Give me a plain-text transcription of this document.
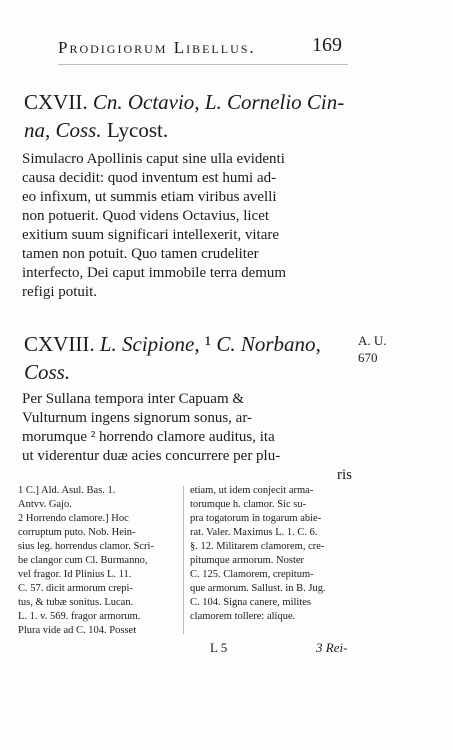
Prodigiorum Libellus.	169
CXVII. Cn. Octavio, L. Cornelio Cin-
na, Coss. Lycost.
Simulacro Apollinis caput sine ulla evidenti
causa decidit: quod inventum est humi ad-
eo infixum, ut summis etiam viribus avelli
non potuerit. Quod videns Octavius, licet
exitium suum significari intellexerit, vitare
tamen non potuit. Quo tamen crudeliter
interfecto, Dei caput immobile terra demum
refigi potuit.
CXVIII. L. Scipione, ¹ C. Norbano,
Coss.
A. U.
670
Per Sullana tempora inter Capuam &
Vulturnum ingens signorum sonus, ar-
morumque ² horrendo clamore auditus, ita
ut viderentur duæ acies concurrere per plu-
ris
1 C.] Ald. Asul. Bas. 1.
Antvv. Gajo.
2 Horrendo clamore.] Hoc
corruptum puto. Nob. Hein-
sius leg. horrendus clamor. Scri-
be clangor cum Cl. Burmanno,
vel fragor. Id Plinius L. 11.
C. 57. dicit armorum crepi-
tus, & tubæ sonitus. Lucan.
L. 1. v. 569. fragor armorum.
Plura vide ad C. 104. Posset
etiam, ut idem conjecit arma-
torumque h. clamor. Sic su-
pra togatorum in togarum abie-
rat. Valer. Maximus L. 1. C. 6.
§. 12. Militarem clamorem, cre-
pitumque armorum. Noster
C. 125. Clamorem, crepitum-
que armorum. Sallust. in B. Jug.
C. 104. Signa canere, milites
clamorem tollere: alique.
L 5	3 Rei-
